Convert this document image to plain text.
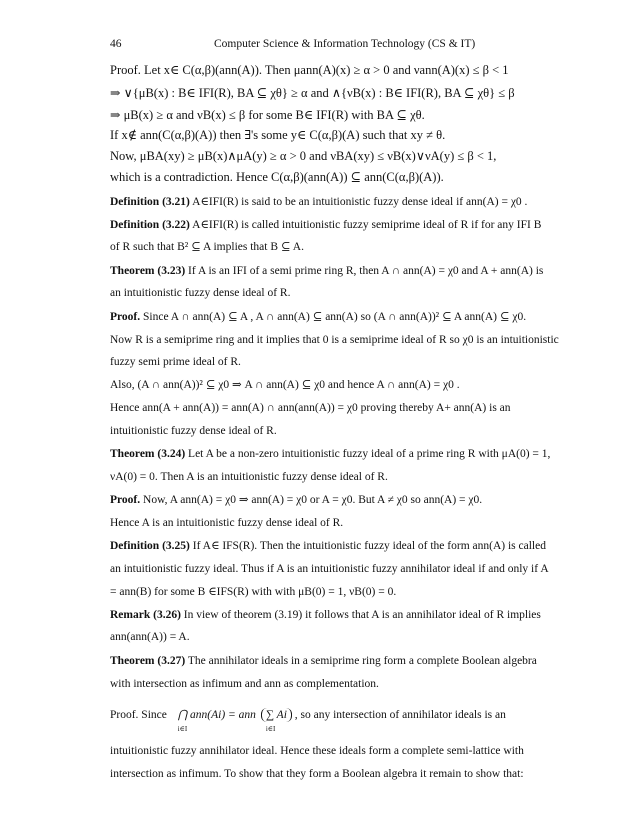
46	Computer Science & Information Technology (CS & IT)
Proof. Let x∈ C(α,β)(ann(A)). Then μann(A)(x) ≥ α > 0 and νann(A)(x) ≤ β < 1
⇒ ∨{μB(x) : B∈ IFI(R), BA ⊆ χθ} ≥ α and ∧{νB(x) : B∈ IFI(R), BA ⊆ χθ} ≤ β
⇒ μB(x) ≥ α and νB(x) ≤ β for some B∈ IFI(R) with BA ⊆ χθ.
If x∉ ann(C(α,β)(A)) then ∃'s some y∈ C(α,β)(A) such that xy ≠ θ.
Now, μBA(xy) ≥ μB(x)∧μA(y) ≥ α > 0 and νBA(xy) ≤ νB(x)∨νA(y) ≤ β < 1,
which is a contradiction. Hence C(α,β)(ann(A)) ⊆ ann(C(α,β)(A)).
Definition (3.21) A∈IFI(R) is said to be an intuitionistic fuzzy dense ideal if ann(A) = χ0 .
Definition (3.22) A∈IFI(R) is called intuitionistic fuzzy semiprime ideal of R if for any IFI B
of R such that B² ⊆ A implies that B ⊆ A.
Theorem (3.23) If A is an IFI of a semi prime ring R, then A ∩ ann(A) = χ0 and A + ann(A) is
an intuitionistic fuzzy dense ideal of R.
Proof. Since A ∩ ann(A) ⊆ A , A ∩ ann(A) ⊆ ann(A) so (A ∩ ann(A))² ⊆ A ann(A) ⊆ χ0.
Now R is a semiprime ring and it implies that 0 is a semiprime ideal of R so χ0 is an intuitionistic
fuzzy semi prime ideal of R.
Also, (A ∩ ann(A))² ⊆ χ0 ⇒ A ∩ ann(A) ⊆ χ0 and hence A ∩ ann(A) = χ0 .
Hence ann(A + ann(A)) = ann(A) ∩ ann(ann(A)) = χ0 proving thereby A+ ann(A) is an
intuitionistic fuzzy dense ideal of R.
Theorem (3.24) Let A be a non-zero intuitionistic fuzzy ideal of a prime ring R with μA(0) = 1,
νA(0) = 0. Then A is an intuitionistic fuzzy dense ideal of R.
Proof. Now, A ann(A) = χ0 ⇒ ann(A) = χ0 or A = χ0. But A ≠ χ0 so ann(A) = χ0.
Hence A is an intuitionistic fuzzy dense ideal of R.
Definition (3.25) If A∈ IFS(R). Then the intuitionistic fuzzy ideal of the form ann(A) is called
an intuitionistic fuzzy ideal. Thus if A is an intuitionistic fuzzy annihilator ideal if and only if A
= ann(B) for some B ∈IFS(R) with with μB(0) = 1, νB(0) = 0.
Remark (3.26) In view of theorem (3.19) it follows that A is an annihilator ideal of R implies
ann(ann(A)) = A.
Theorem (3.27) The annihilator ideals in a semiprime ring form a complete Boolean algebra
with intersection as infimum and ann as complementation.
Proof. Since ⋂ ann(Ai) = ann
i∈I
∑ Ai
i∈I
, so any intersection of annihilator ideals is an
intuitionistic fuzzy annihilator ideal. Hence these ideals form a complete semi-lattice with
intersection as infimum. To show that they form a Boolean algebra it remain to show that:
